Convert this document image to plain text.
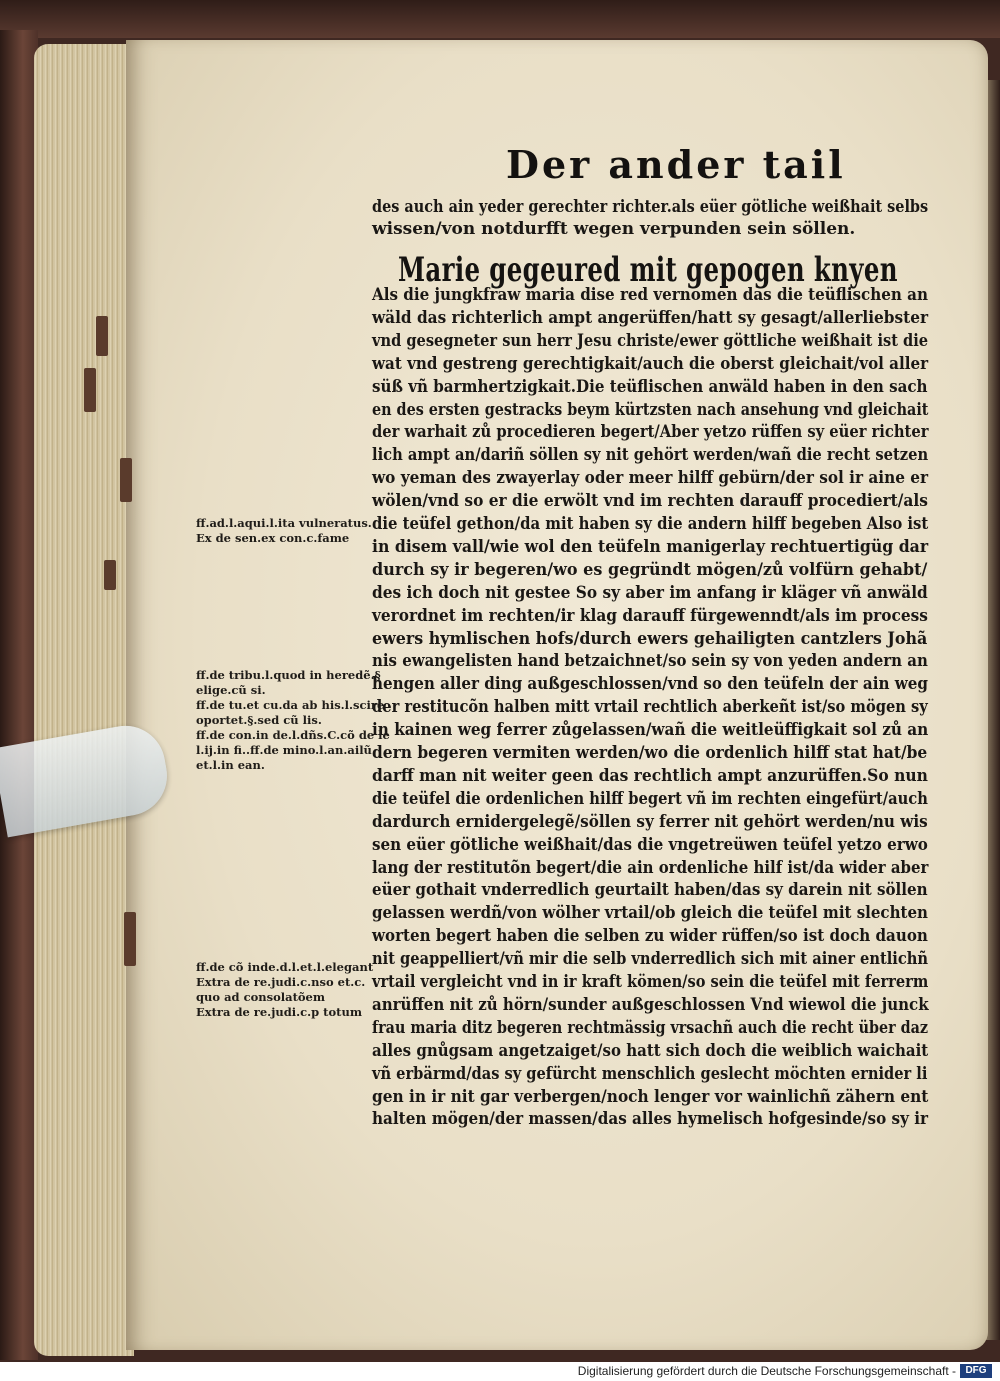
Der ander tail
des auch ain yeder gerechter richter.als eüer götliche weißhait selbs
wissen/von notdurfft wegen verpunden sein söllen.
Marie gegeured mit gepogen knyen
Als die jungkfraw maria dise red vernomen das die teüflischen an
wäld das richterlich ampt angerüffen/hatt sy gesagt/allerliebster
vnd gesegneter sun herr Jesu christe/ewer göttliche weißhait ist die
wat vnd gestreng gerechtigkait/auch die oberst gleichait/vol aller
süß vñ barmhertzigkait.Die teüflischen anwäld haben in den sach
en des ersten gestracks beym kürtzsten nach ansehung vnd gleichait
der warhait zů procedieren begert/Aber yetzo rüffen sy eüer richter
lich ampt an/dariñ söllen sy nit gehört werden/wañ die recht setzen
wo yeman des zwayerlay oder meer hilff gebürn/der sol ir aine er
wölen/vnd so er die erwölt vnd im rechten darauff procediert/als
die teüfel gethon/da mit haben sy die andern hilff begeben Also ist
in disem vall/wie wol den teüfeln manigerlay rechtuertigüg dar
durch sy ir begeren/wo es gegründt mögen/zů volfürn gehabt/
des ich doch nit gestee So sy aber im anfang ir kläger vñ anwäld
verordnet im rechten/ir klag darauff fürgewenndt/als im process
ewers hymlischen hofs/durch ewers gehailigten cantzlers Johã
nis ewangelisten hand betzaichnet/so sein sy von yeden andern an
hengen aller ding außgeschlossen/vnd so den teüfeln der ain weg
der restitucõn halben mitt vrtail rechtlich aberkeñt ist/so mögen sy
in kainen weg ferrer zůgelassen/wañ die weitleüffigkait sol zů an
dern begeren vermiten werden/wo die ordenlich hilff stat hat/be
darff man nit weiter geen das rechtlich ampt anzurüffen.So nun
die teüfel die ordenlichen hilff begert vñ im rechten eingefürt/auch
dardurch ernidergelegẽ/söllen sy ferrer nit gehört werden/nu wis
sen eüer götliche weißhait/das die vngetreüwen teüfel yetzo erwo
lang der restitutõn begert/die ain ordenliche hilf ist/da wider aber
eüer gothait vnderredlich geurtailt haben/das sy darein nit söllen
gelassen werdñ/von wölher vrtail/ob gleich die teüfel mit slechten
worten begert haben die selben zu wider rüffen/so ist doch dauon
nit geappelliert/vñ mir die selb vnderredlich sich mit ainer entlichñ
vrtail vergleicht vnd in ir kraft kömen/so sein die teüfel mit ferrerm
anrüffen nit zů hörn/sunder außgeschlossen Vnd wiewol die junck
frau maria ditz begeren rechtmässig vrsachñ auch die recht über daz
alles gnůgsam angetzaiget/so hatt sich doch die weiblich waichait
vñ erbärmd/das sy gefürcht menschlich geslecht möchten ernider li
gen in ir nit gar verbergen/noch lenger vor wainlichñ zähern ent
halten mögen/der massen/das alles hymelisch hofgesinde/so sy ir
ff.ad.l.aqui.l.ita vulneratus.
Ex de sen.ex con.c.fame
ff.de tribu.l.quod in heredẽ.§
elige.cũ si.
ff.de tu.et cu.da ab his.l.scire
oportet.§.sed cũ lis.
ff.de con.in de.l.dñs.C.cõ de le
l.ij.in fi..ff.de mino.l.an.ailũ
et.l.in ean.
ff.de cõ inde.d.l.et.l.elegant
Extra de re.judi.c.nso et.c.
quo ad consolatõem
Extra de re.judi.c.p totum
Digitalisierung gefördert durch die Deutsche Forschungsgemeinschaft - DFG
